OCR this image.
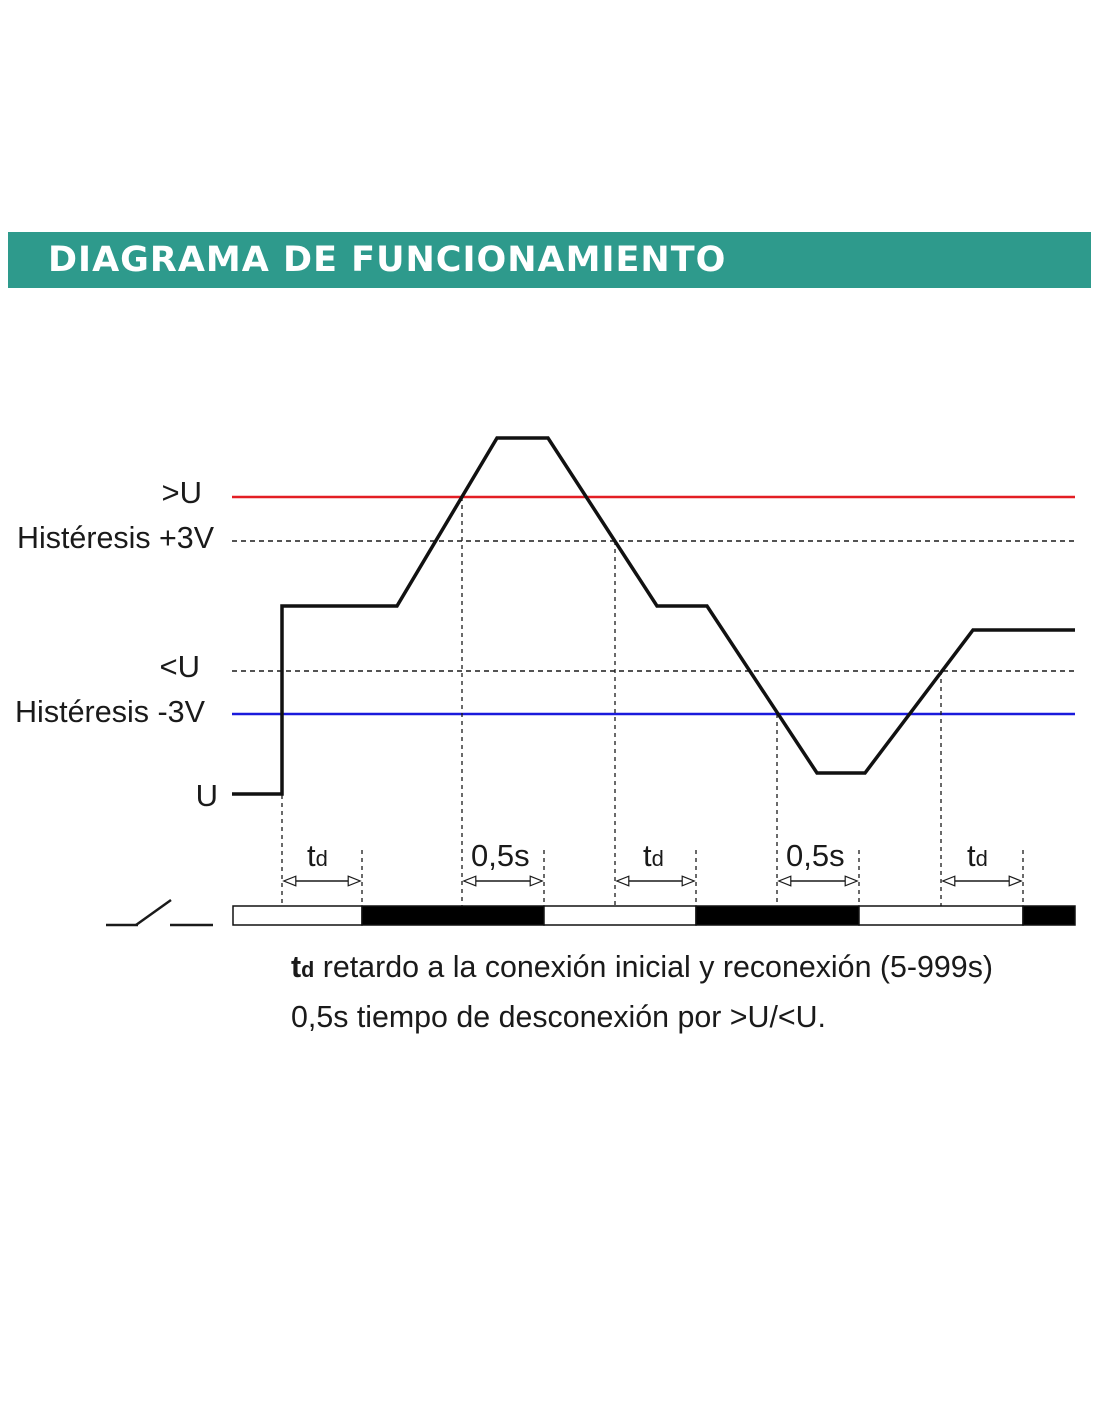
DIAGRAMA DE FUNCIONAMIENTO
>U
Histéresis +3V
<U
Histéresis -3V
U
td	0,5s	td	0,5s	td
td retardo a la conexión inicial y reconexión (5-999s)
0,5s tiempo de desconexión por >U/<U.
